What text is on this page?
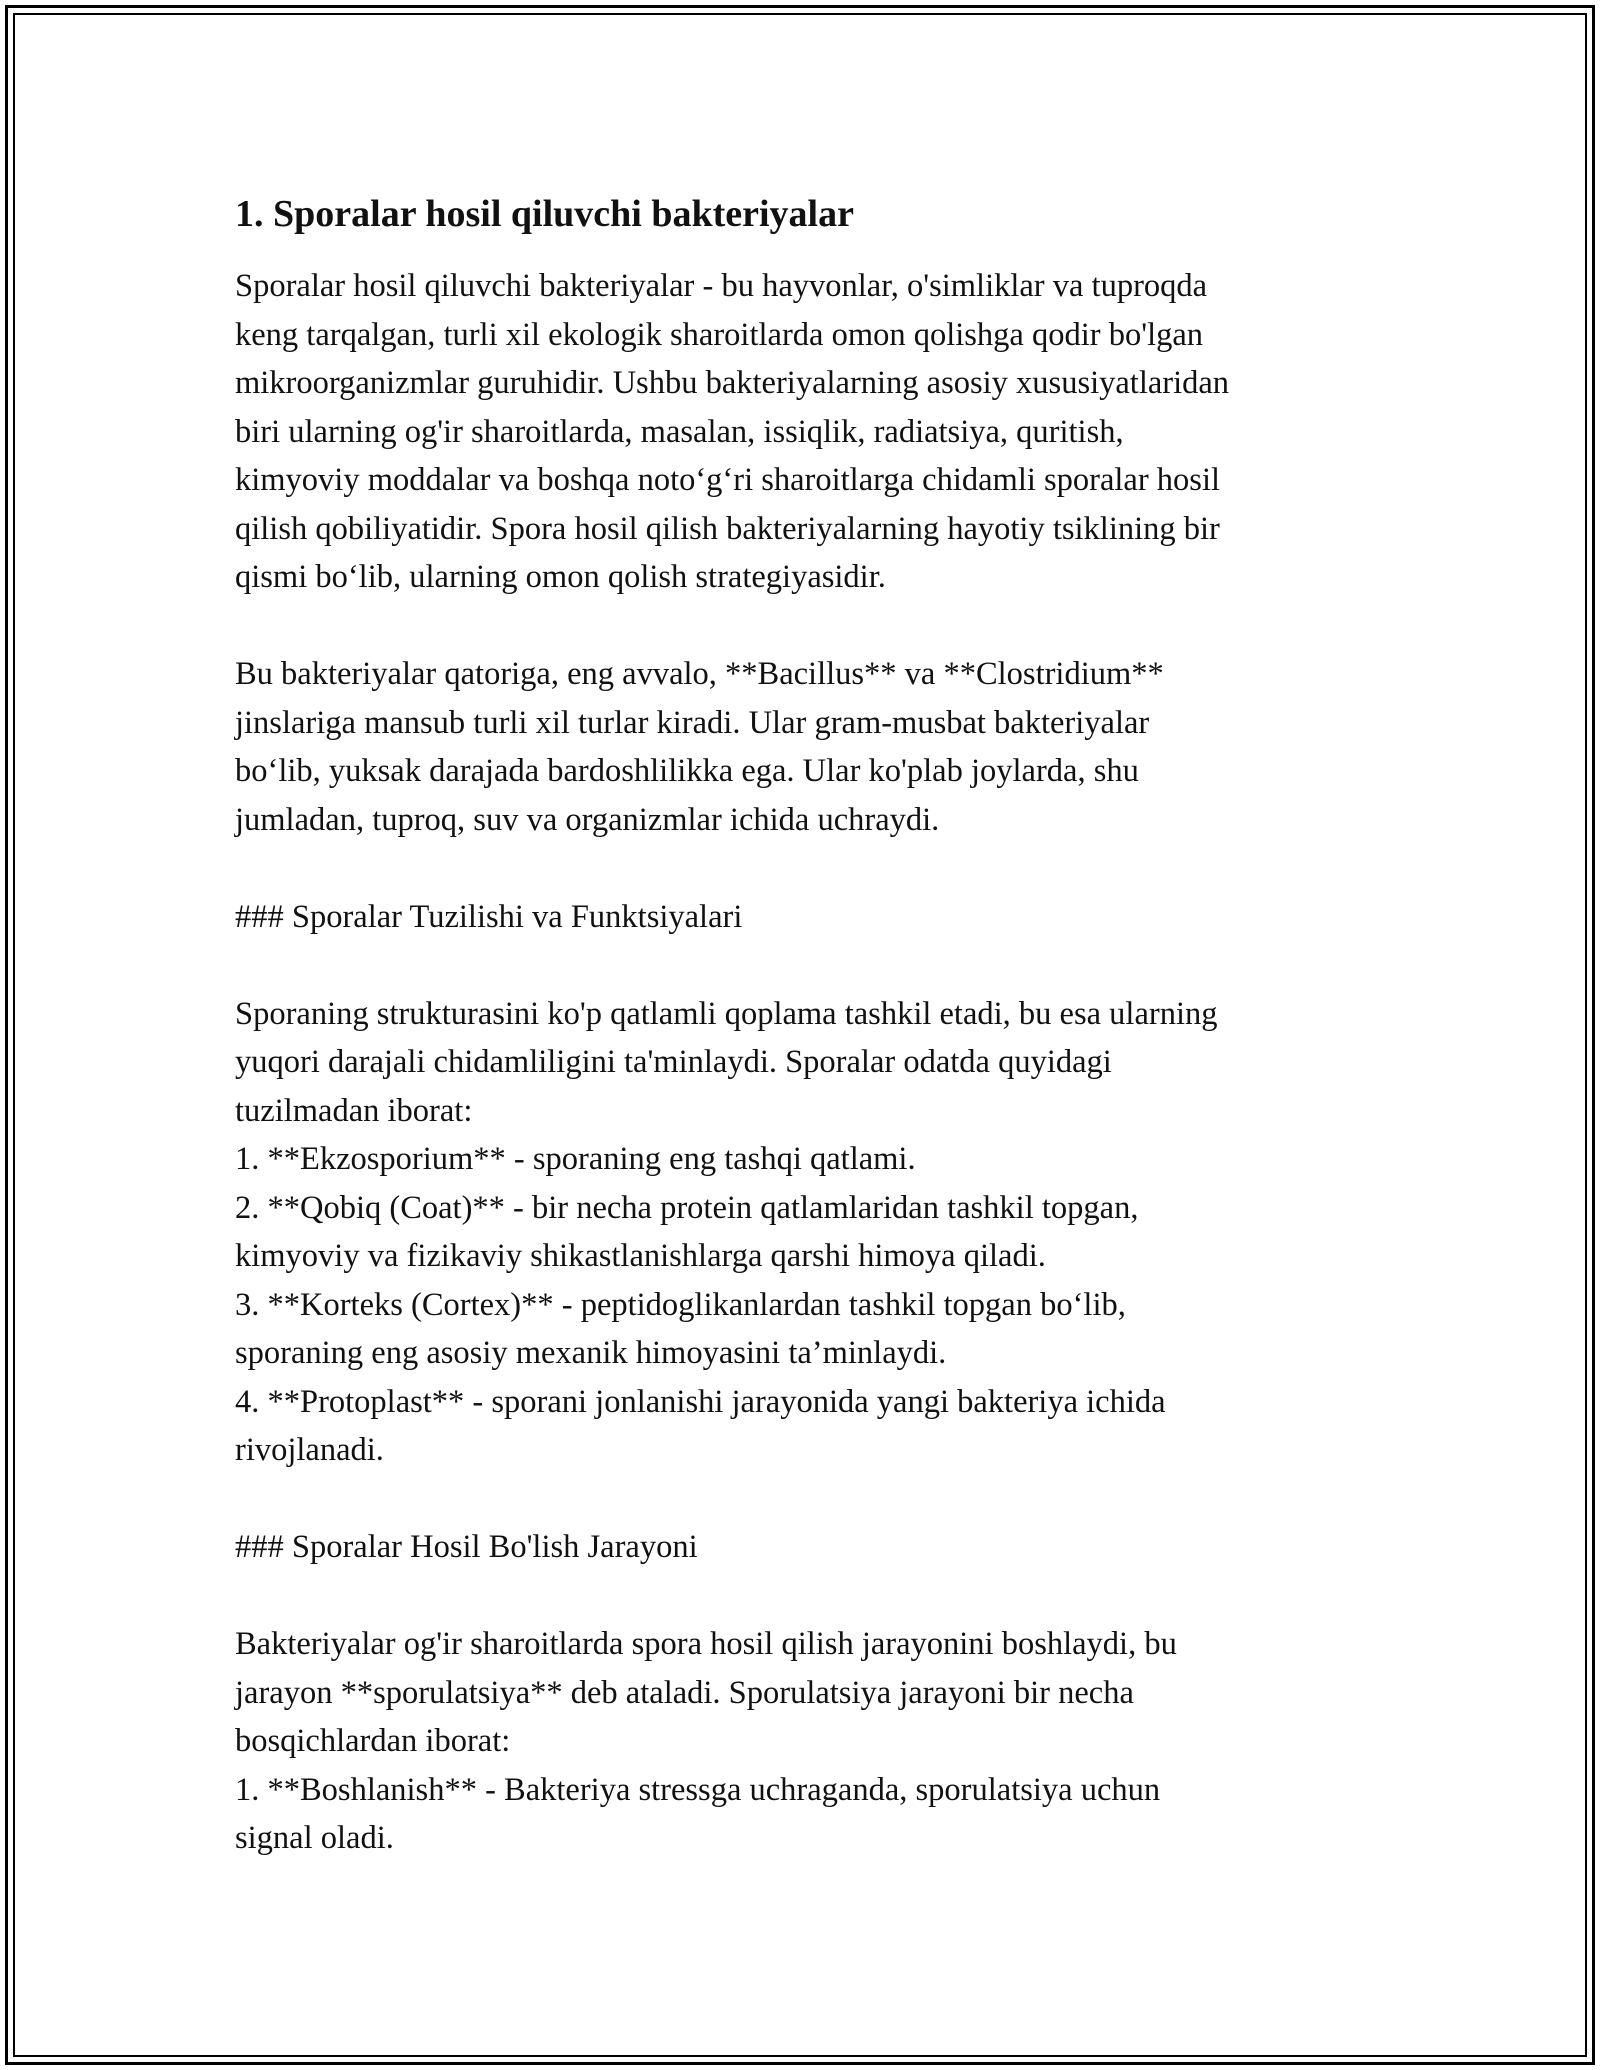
1. Sporalar hosil qiluvchi bakteriyalar
Sporalar hosil qiluvchi bakteriyalar - bu hayvonlar, o'simliklar va tuproqda
keng tarqalgan, turli xil ekologik sharoitlarda omon qolishga qodir bo'lgan
mikroorganizmlar guruhidir. Ushbu bakteriyalarning asosiy xususiyatlaridan
biri ularning og'ir sharoitlarda, masalan, issiqlik, radiatsiya, quritish,
kimyoviy moddalar va boshqa noto‘g‘ri sharoitlarga chidamli sporalar hosil
qilish qobiliyatidir. Spora hosil qilish bakteriyalarning hayotiy tsiklining bir
qismi bo‘lib, ularning omon qolish strategiyasidir.
Bu bakteriyalar qatoriga, eng avvalo, **Bacillus** va **Clostridium**
jinslariga mansub turli xil turlar kiradi. Ular gram-musbat bakteriyalar
bo‘lib, yuksak darajada bardoshlilikka ega. Ular ko'plab joylarda, shu
jumladan, tuproq, suv va organizmlar ichida uchraydi.
### Sporalar Tuzilishi va Funktsiyalari
Sporaning strukturasini ko'p qatlamli qoplama tashkil etadi, bu esa ularning
yuqori darajali chidamliligini ta'minlaydi. Sporalar odatda quyidagi
tuzilmadan iborat:
1. **Ekzosporium** - sporaning eng tashqi qatlami.
2. **Qobiq (Coat)** - bir necha protein qatlamlaridan tashkil topgan,
kimyoviy va fizikaviy shikastlanishlarga qarshi himoya qiladi.
3. **Korteks (Cortex)** - peptidoglikanlardan tashkil topgan bo‘lib,
sporaning eng asosiy mexanik himoyasini ta’minlaydi.
4. **Protoplast** - sporani jonlanishi jarayonida yangi bakteriya ichida
rivojlanadi.
### Sporalar Hosil Bo'lish Jarayoni
Bakteriyalar og'ir sharoitlarda spora hosil qilish jarayonini boshlaydi, bu
jarayon **sporulatsiya** deb ataladi. Sporulatsiya jarayoni bir necha
bosqichlardan iborat:
1. **Boshlanish** - Bakteriya stressga uchraganda, sporulatsiya uchun
signal oladi.
